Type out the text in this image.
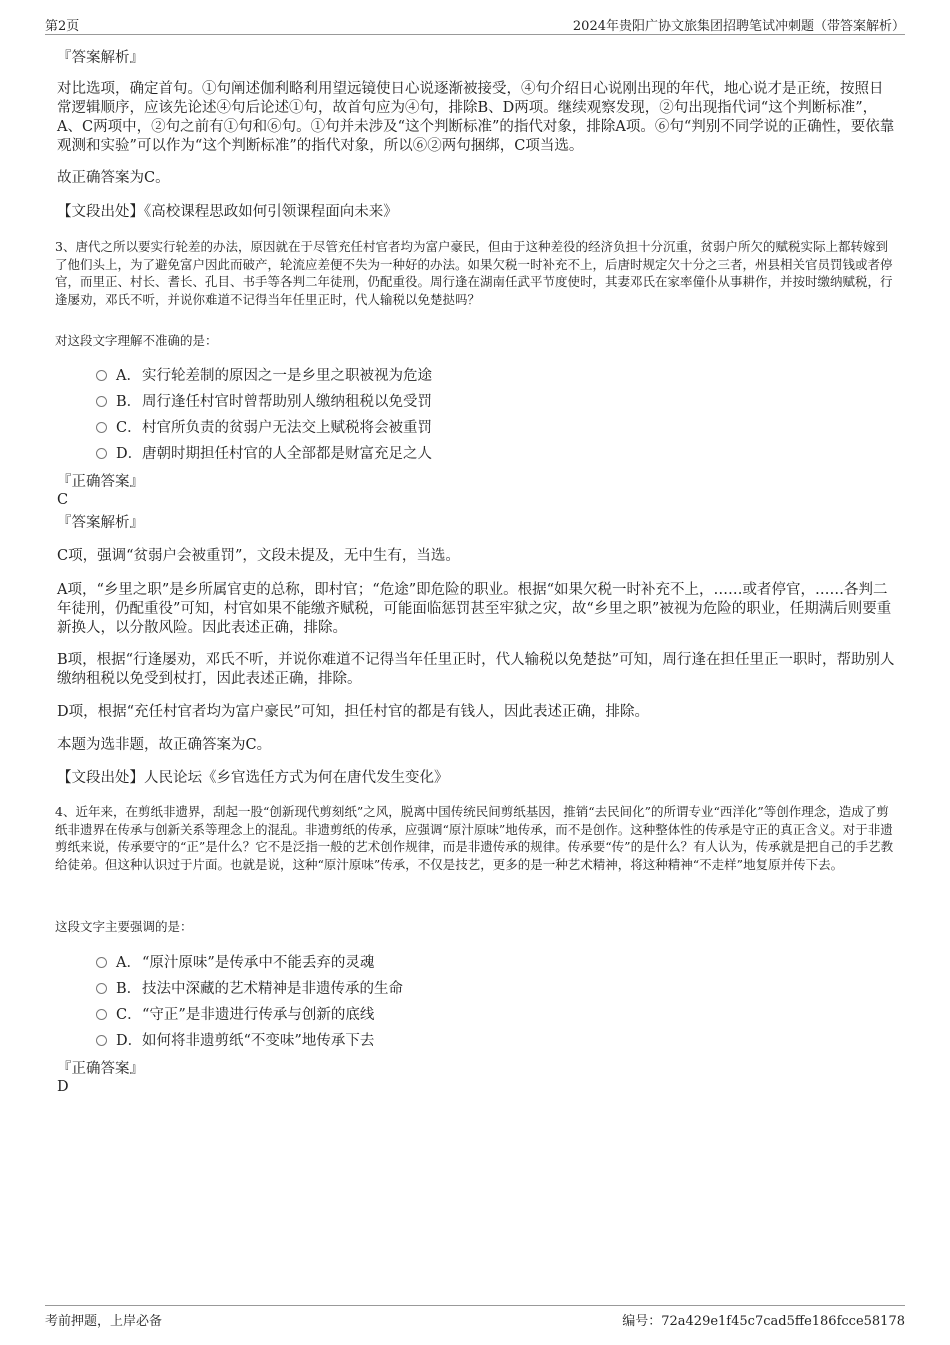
第2页	2024年贵阳广协文旅集团招聘笔试冲刺题（带答案解析）
『答案解析』
对比选项，确定首句。①句阐述伽利略利用望远镜使日心说逐渐被接受，④句介绍日心说刚出现的年代，地心说才是正统，按照日常逻辑顺序，应该先论述④句后论述①句，故首句应为④句，排除B、D两项。继续观察发现，②句出现指代词“这个判断标准”，A、C两项中，②句之前有①句和⑥句。①句并未涉及“这个判断标准”的指代对象，排除A项。⑥句“判别不同学说的正确性，要依靠观测和实验”可以作为“这个判断标准”的指代对象，所以⑥②两句捆绑，C项当选。
故正确答案为C。
【文段出处】《高校课程思政如何引领课程面向未来》
3、唐代之所以要实行轮差的办法，原因就在于尽管充任村官者均为富户豪民，但由于这种差役的经济负担十分沉重，贫弱户所欠的赋税实际上都转嫁到了他们头上，为了避免富户因此而破产，轮流应差便不失为一种好的办法。如果欠税一时补充不上，后唐时规定欠十分之三者，州县相关官员罚钱或者停官，而里正、村长、耆长、孔目、书手等各判二年徒刑，仍配重役。周行逢在湖南任武平节度使时，其妻邓氏在家率僮仆从事耕作，并按时缴纳赋税，行逢屡劝，邓氏不听，并说你难道不记得当年任里正时，代人输税以免楚挞吗？
对这段文字理解不准确的是：
A．实行轮差制的原因之一是乡里之职被视为危途
B．周行逢任村官时曾帮助别人缴纳租税以免受罚
C．村官所负责的贫弱户无法交上赋税将会被重罚
D．唐朝时期担任村官的人全部都是财富充足之人
『正确答案』
C
『答案解析』
C项，强调“贫弱户会被重罚”，文段未提及，无中生有，当选。
A项，“乡里之职”是乡所属官吏的总称，即村官；“危途”即危险的职业。根据“如果欠税一时补充不上，……或者停官，……各判二年徒刑，仍配重役”可知，村官如果不能缴齐赋税，可能面临惩罚甚至牢狱之灾，故“乡里之职”被视为危险的职业，任期满后则要重新换人，以分散风险。因此表述正确，排除。
B项，根据“行逢屡劝，邓氏不听，并说你难道不记得当年任里正时，代人输税以免楚挞”可知，周行逢在担任里正一职时，帮助别人缴纳租税以免受到杖打，因此表述正确，排除。
D项，根据“充任村官者均为富户豪民”可知，担任村官的都是有钱人，因此表述正确，排除。
本题为选非题，故正确答案为C。
【文段出处】人民论坛《乡官选任方式为何在唐代发生变化》
4、近年来，在剪纸非遗界，刮起一股“创新现代剪刻纸”之风，脱离中国传统民间剪纸基因，推销“去民间化”的所谓专业“西洋化”等创作理念，造成了剪纸非遗界在传承与创新关系等理念上的混乱。非遗剪纸的传承，应强调“原汁原味”地传承，而不是创作。这种整体性的传承是守正的真正含义。对于非遗剪纸来说，传承要守的“正”是什么？它不是泛指一般的艺术创作规律，而是非遗传承的规律。传承要“传”的是什么？有人认为，传承就是把自己的手艺教给徒弟。但这种认识过于片面。也就是说，这种“原汁原味”传承，不仅是技艺，更多的是一种艺术精神，将这种精神“不走样”地复原并传下去。
这段文字主要强调的是：
A．“原汁原味”是传承中不能丢弃的灵魂
B．技法中深藏的艺术精神是非遗传承的生命
C．“守正”是非遗进行传承与创新的底线
D．如何将非遗剪纸“不变味”地传承下去
『正确答案』
D
考前押题，上岸必备	编号：72a429e1f45c7cad5ffe186fcce58178
